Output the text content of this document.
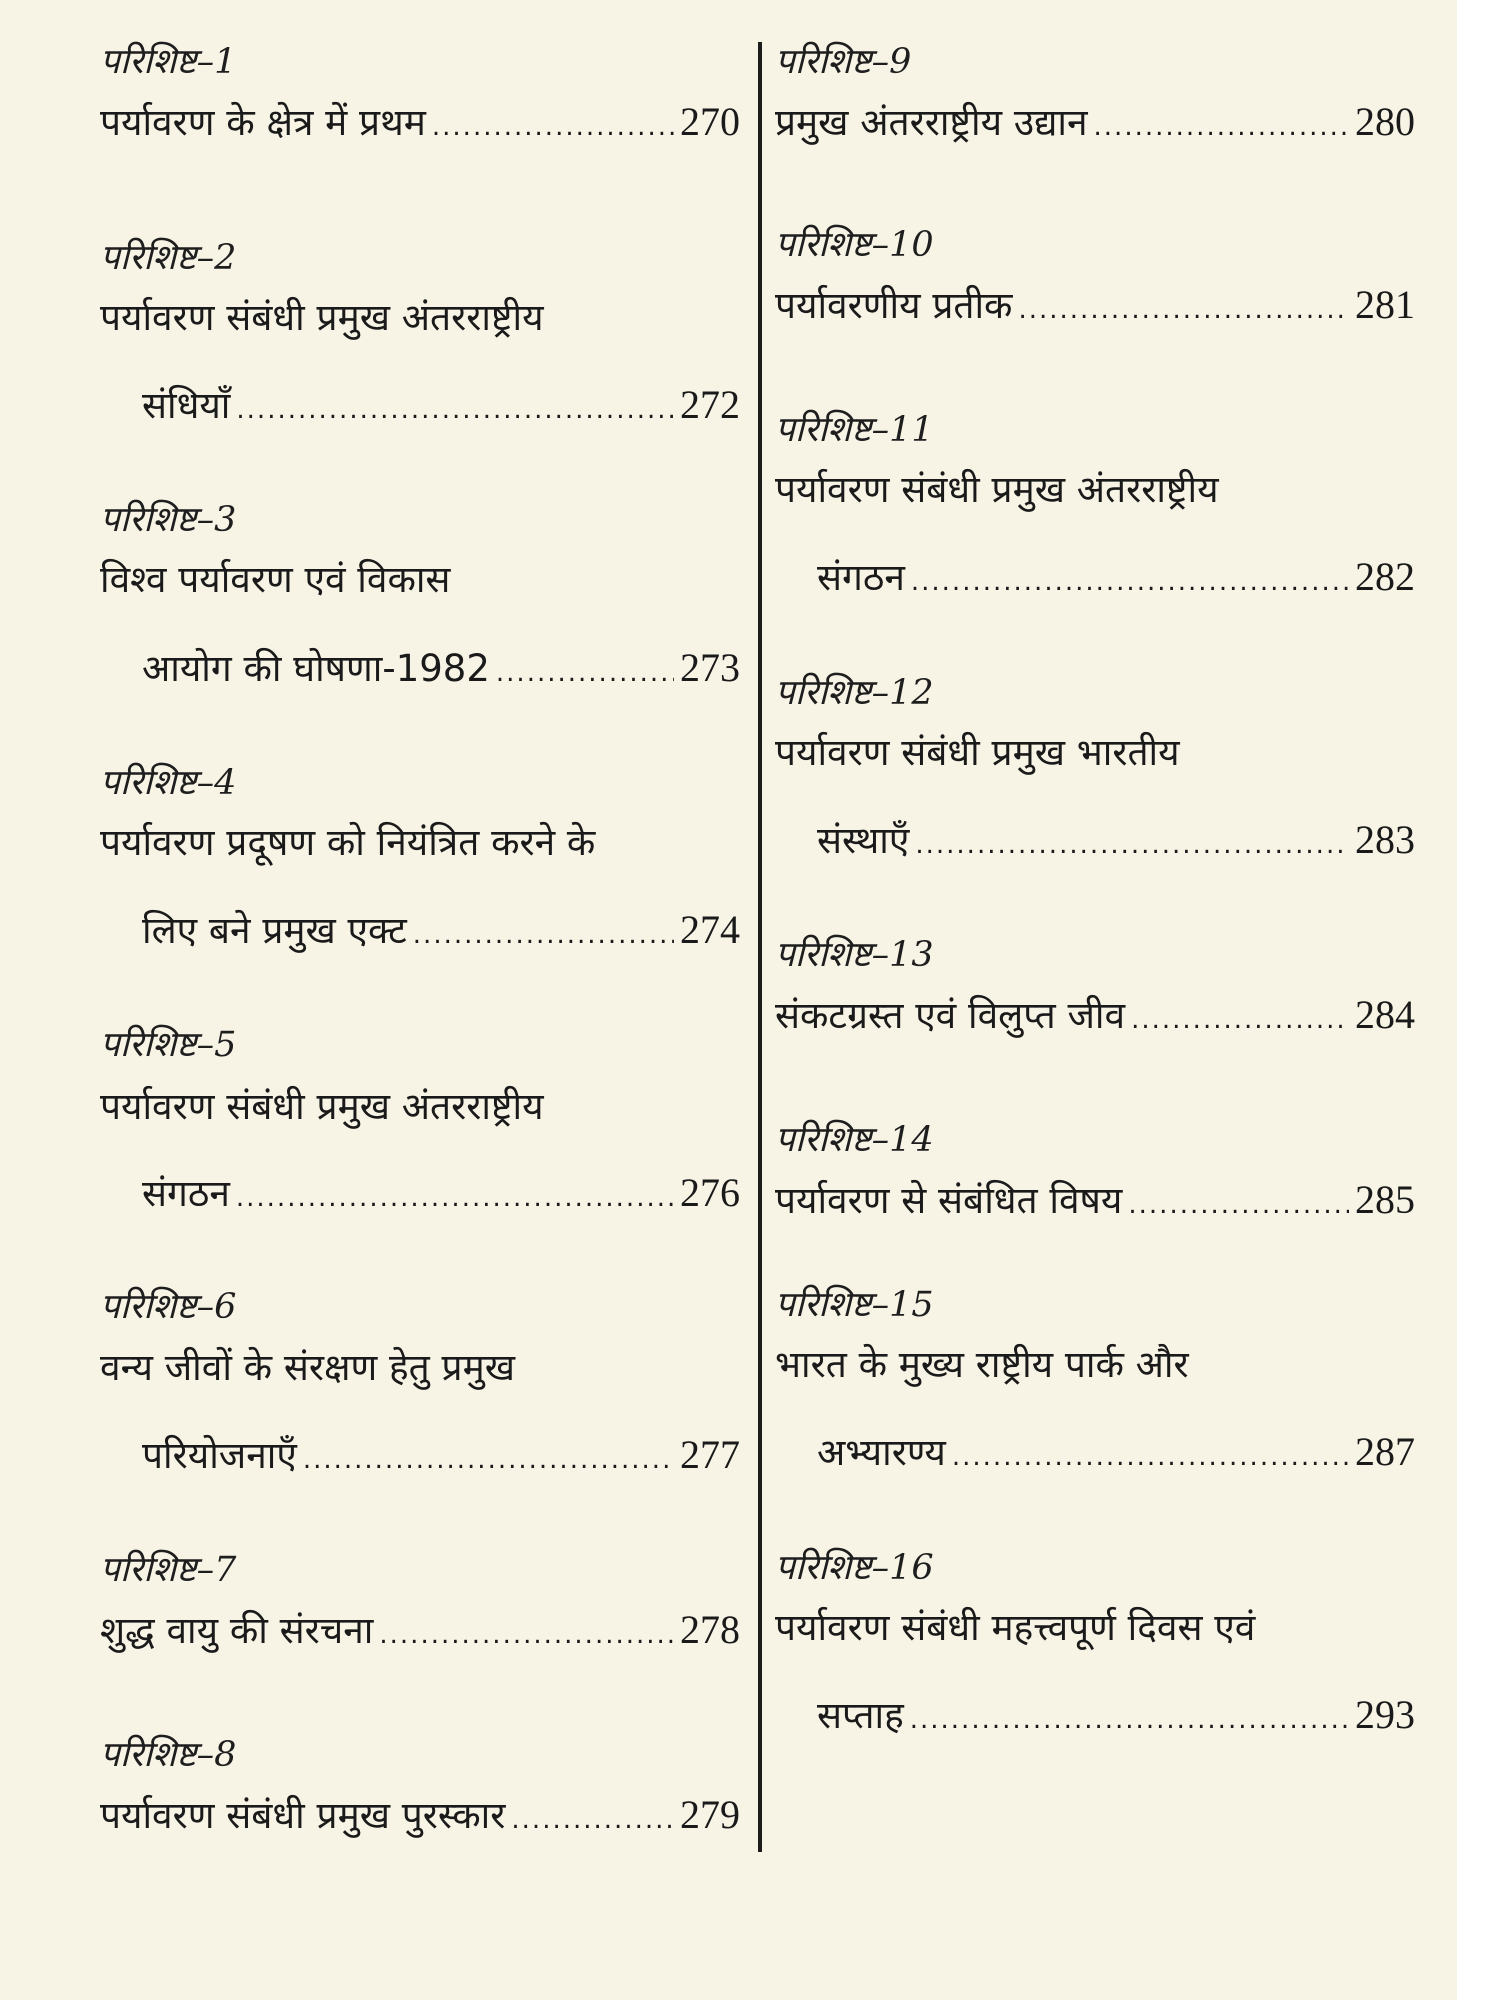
परिशिष्ट–1
पर्यावरण के क्षेत्र में प्रथम .....	270
परिशिष्ट–2
पर्यावरण संबंधी प्रमुख अंतरराष्ट्रीय
संधियाँ .....	272
परिशिष्ट–3
विश्व पर्यावरण एवं विकास
आयोग की घोषणा-1982 .....	273
परिशिष्ट–4
पर्यावरण प्रदूषण को नियंत्रित करने के
लिए बने प्रमुख एक्ट .....	274
परिशिष्ट–5
पर्यावरण संबंधी प्रमुख अंतरराष्ट्रीय
संगठन .....	276
परिशिष्ट–6
वन्य जीवों के संरक्षण हेतु प्रमुख
परियोजनाएँ .....	277
परिशिष्ट–7
शुद्ध वायु की संरचना .....	278
परिशिष्ट–8
पर्यावरण संबंधी प्रमुख पुरस्कार .....	279
परिशिष्ट–9
प्रमुख अंतरराष्ट्रीय उद्यान .....	280
परिशिष्ट–10
पर्यावरणीय प्रतीक .....	281
परिशिष्ट–11
पर्यावरण संबंधी प्रमुख अंतरराष्ट्रीय
संगठन .....	282
परिशिष्ट–12
पर्यावरण संबंधी प्रमुख भारतीय
संस्थाएँ .....	283
परिशिष्ट–13
संकटग्रस्त एवं विलुप्त जीव .....	284
परिशिष्ट–14
पर्यावरण से संबंधित विषय .....	285
परिशिष्ट–15
भारत के मुख्य राष्ट्रीय पार्क और
अभ्यारण्य .....	287
परिशिष्ट–16
पर्यावरण संबंधी महत्त्वपूर्ण दिवस एवं
सप्ताह .....	293
